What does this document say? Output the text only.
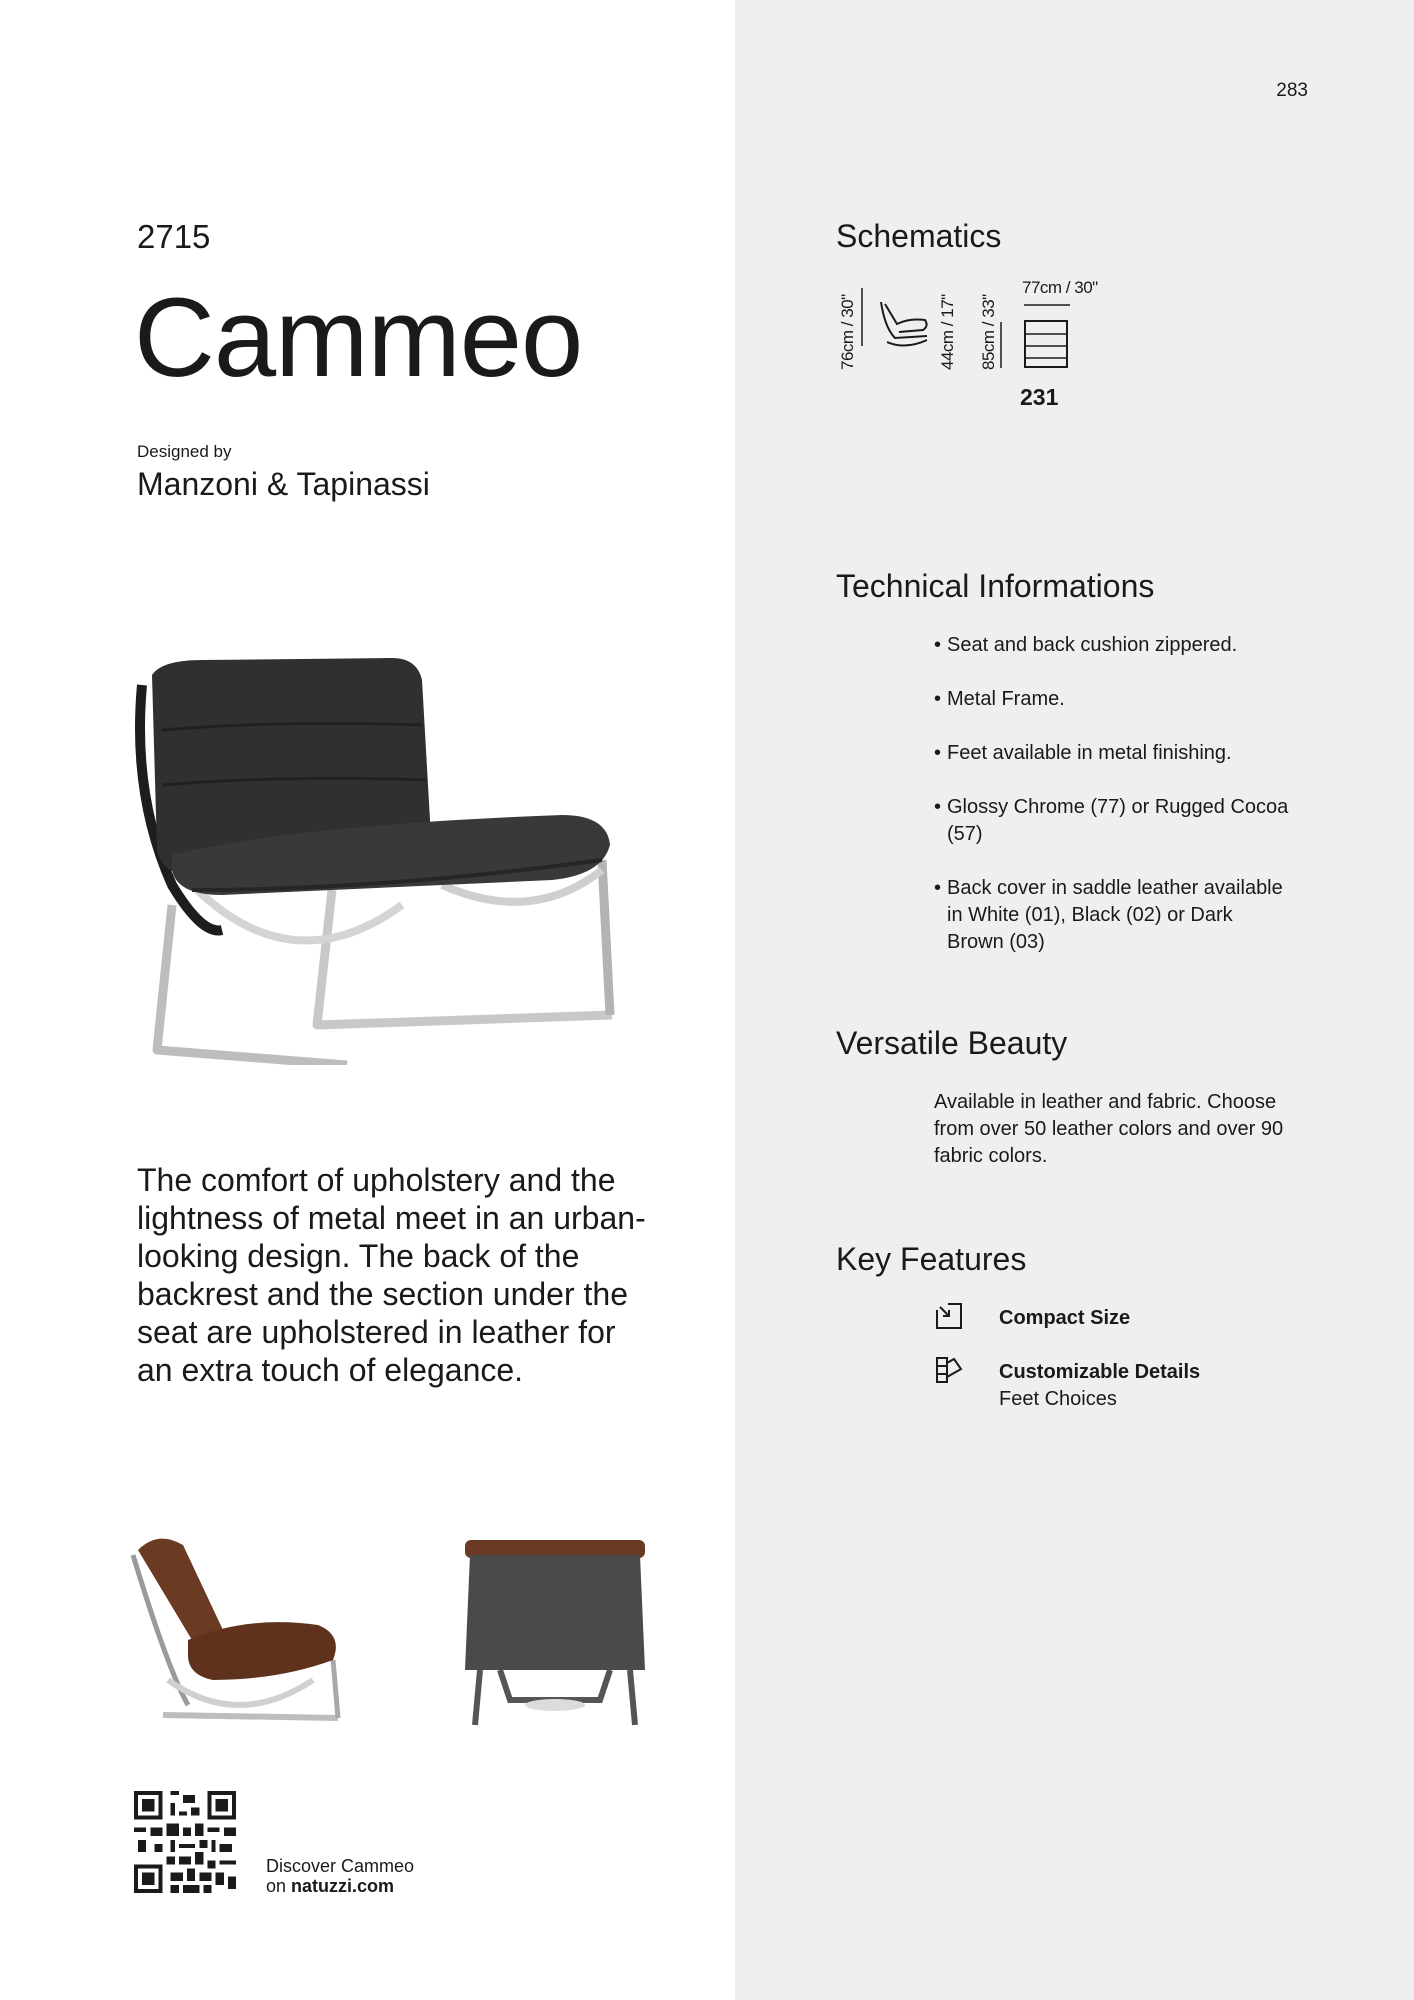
283
2715
Cammeo
Designed by
Manzoni & Tapinassi

The comfort of upholstery and the lightness of metal meet in an urban-looking design. The back of the backrest and the section under the seat are upholstered in leather for an extra touch of elegance.

Discover Cammeo
on natuzzi.com
Schematics
76cm / 30"	44cm / 17" 85cm / 33"
77cm / 30"
231
Technical Informations
• Seat and back cushion zippered.
• Metal Frame.
• Feet available in metal finishing.
• Glossy Chrome (77) or Rugged Cocoa (57)
• Back cover in saddle leather available in White (01), Black (02) or Dark Brown (03)
Versatile Beauty

Available in leather and fabric. Choose from over 50 leather colors and over 90 fabric colors.

Key Features
Compact Size
Customizable Details
Feet Choices
